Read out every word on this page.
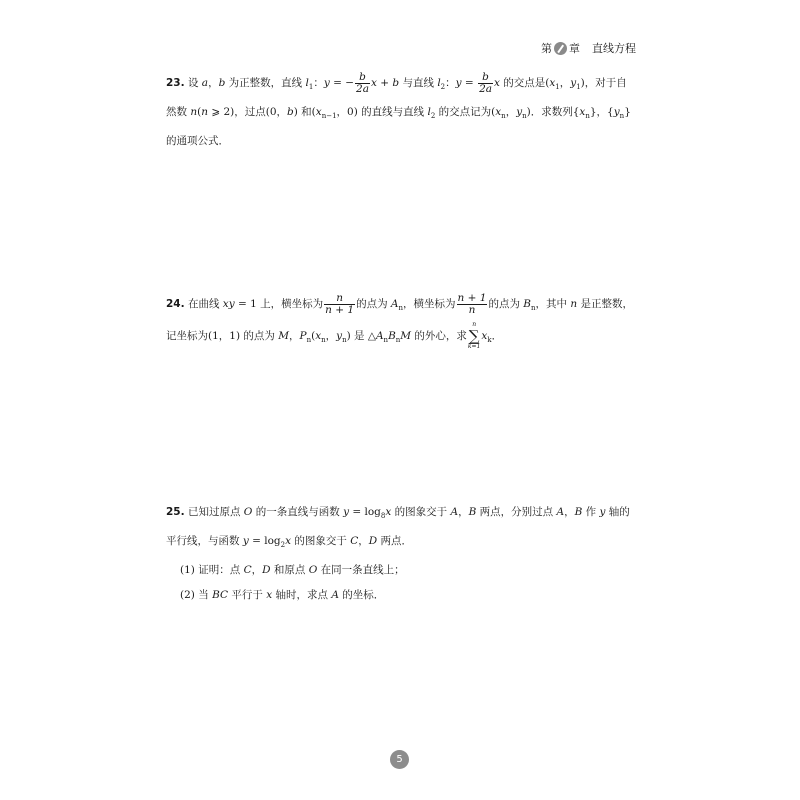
第 章 直线方程
23. 设 a，b 为正整数，直线 $l_1$：y = − $\frac{b}{2a}$ x + b 与直线 $l_2$：$y = \frac{b}{2a}$ x 的交点是($x_1$，$y_1$)，对于自然数 n(n ⩾ 2)，过点(0，b) 和($x_{n-1}$，0) 的直线与直线 $l_2$ 的交点记为($x_n$，$y_n$)．求数列$\{x_n\}$，$\{y_n\}$的通项公式．
24. 在曲线 xy = 1 上，横坐标为 $\frac{n}{n + 1}$ 的点为 $A_n$，横坐标为 $\frac{n + 1}{n}$ 的点为 $B_n$，其中 n 是正整数，记坐标为(1，1) 的点为 M，$P_n(x_n$，$y_n$) 是 $\triangle A_nB_nM$ 的外心，求n
∑
$k=1x_k$．
25. 已知过原点 O 的一条直线与函数 $y = \log_8x$ 的图象交于 A，B 两点，分别过点 A，B 作 y 轴的平行线，与函数 $y = \log_2x$ 的图象交于 C，D 两点．
(1) 证明：点 C，D 和原点 O 在同一条直线上；
(2) 当 BC 平行于 x 轴时，求点 A 的坐标．
5
